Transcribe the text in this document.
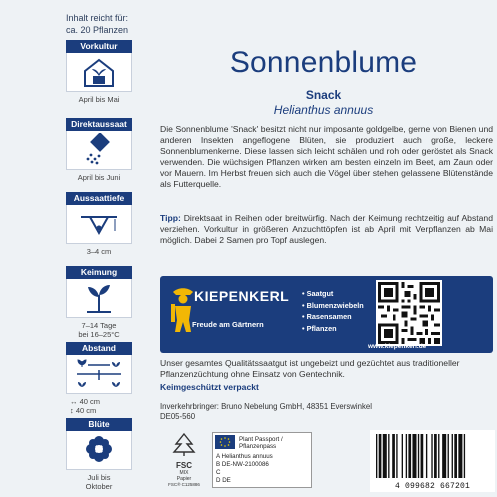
Inhalt reicht für:
ca. 20 Pflanzen
Vorkultur
April bis Mai
Direktaussaat
April bis Juni
Aussaattiefe
3–4 cm
Keimung
7–14 Tage
bei 16–25°C
Abstand
↔ 40 cm
↕ 40 cm
Blüte
Juli bis
Oktober
Sonnenblume
Snack
Helianthus annuus

Die Sonnenblume 'Snack' besitzt nicht nur imposante goldgelbe, gerne von Bienen und anderen Insekten angeflogene Blüten, sie produziert auch große, leckere Sonnenblumenkerne. Diese lassen sich leicht schälen und roh oder geröstet als Snack verwenden. Die wüchsigen Pflanzen wirken am besten einzeln im Beet, am Zaun oder vor Mauern. Im Herbst freuen sich auch die Vögel über stehen gelassene Blütenstände als Futterquelle.

Tipp: Direktsaat in Reihen oder breitwürfig. Nach der Keimung rechtzeitig auf Abstand verziehen. Vorkultur in größeren Anzuchttöpfen ist ab April mit Verpflanzen ab Mai möglich. Dabei 2 Samen pro Topf auslegen.

KIEPENKERL
Freude am Gärtnern
• Saatgut
• Blumenzwiebeln
• Rasensamen
• Pflanzen
www.kiepenkerl.de

Unser gesamtes Qualitätssaatgut ist ungebeizt und gezüchtet aus traditioneller Pflanzenzüchtung ohne Einsatz von Gentechnik.

Keimgeschützt verpackt

Inverkehrbringer: Bruno Nebelung GmbH, 48351 Everswinkel
DE05-560

FSC
MIX
Papier
FSC® C125886
Plant Passport /
Pflanzenpass
A Helianthus annuus
B DE-NW-2100086
C
D DE
4 099682 667201
